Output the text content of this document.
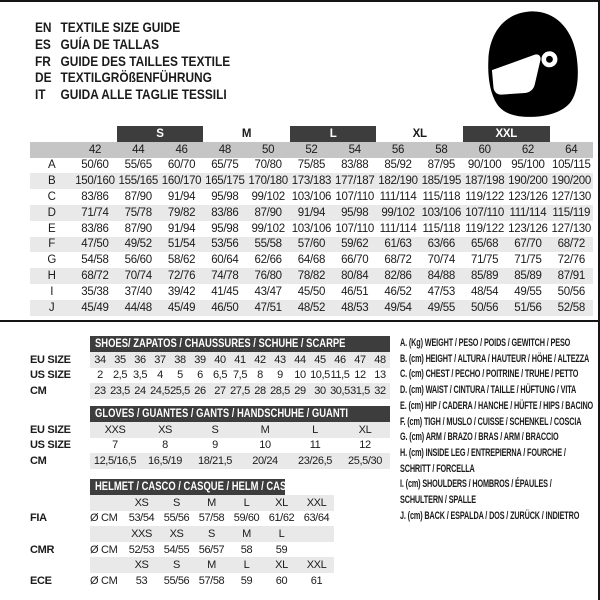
EN TEXTILE SIZE GUIDE
ES GUÍA DE TALLAS
FR GUIDE DES TAILLES TEXTILE
DE TEXTILGRÖßENFÜHRUNG
IT	GUIDA ALLE TAGLIE TESSILI
		S		M		L		XL		XXL		
	42	44	46	48	50	52	54	56	58	60	62	64
A	50/60	55/65	60/70	65/75	70/80	75/85	83/88	85/92	87/95	90/100	95/100	105/115
B	150/160	155/165	160/170	165/175	170/180	173/183	177/187	182/190	185/195	187/198	190/200	190/200
C	83/86	87/90	91/94	95/98	99/102	103/106	107/110	111/114	115/118	119/122	123/126	127/130
D	71/74	75/78	79/82	83/86	87/90	91/94	95/98	99/102	103/106	107/110	111/114	115/119
E	83/86	87/90	91/94	95/98	99/102	103/106	107/110	111/114	115/118	119/122	123/126	127/130
F	47/50	49/52	51/54	53/56	55/58	57/60	59/62	61/63	63/66	65/68	67/70	68/72
G	54/58	56/60	58/62	60/64	62/66	64/68	66/70	68/72	70/74	71/75	71/75	72/76
H	68/72	70/74	72/76	74/78	76/80	78/82	80/84	82/86	84/88	85/89	85/89	87/91
I	35/38	37/40	39/42	41/45	43/47	45/50	46/51	46/52	47/53	48/54	49/55	50/56
J	45/49	44/48	45/49	46/50	47/51	48/52	48/53	49/54	49/55	50/56	51/56	52/58
SHOES/ ZAPATOS / CHAUSSURES / SCHUHE / SCARPE
EU SIZE	34 35 36 37 38 39 40 41 42 43 44 45 46 47 48
US SIZE	2 2,5 3,5 4	5	6 6,5 7,5 8	9	10 10,5 11,5 12 13
CM	23 23,5 24 24,5 25,5 26 27 27,5 28 28,5 29 30 30,5 31,5 32
GLOVES / GUANTES / GANTS / HANDSCHUHE / GUANTI
EU SIZE	XXS	XS	S	M	L	XL
US SIZE	7	8	9	10	11	12
CM	12,5/16,5	16,5/19	18/21,5	20/24	23/26,5	25,5/30
HELMET / CASCO / CASQUE / HELM / CASCO
XS	S	M	L	XL	XXL
FIA	Ø CM	53/54 55/56 57/58 59/60 61/62 63/64
XXS	XS	S	M	L
CMR	Ø CM	52/53 54/55 56/57	58	59
XS	S	M	L	XL	XXL
ECE	Ø CM	53	55/56 57/58	59	60	61
A. (Kg) WEIGHT / PESO / POIDS / GEWITCH / PESO
B. (cm) HEIGHT / ALTURA / HAUTEUR / HÖHE / ALTEZZA
C. (cm) CHEST / PECHO / POITRINE / TRUHE / PETTO
D. (cm) WAIST / CINTURA / TAILLE / HÜFTUNG / VITA
E. (cm) HIP / CADERA / HANCHE / HÜFTE / HIPS / BACINO
F. (cm) TIGH / MUSLO / CUISSE / SCHENKEL / COSCIA
G. (cm) ARM / BRAZO / BRAS / ARM / BRACCIO
H. (cm) INSIDE LEG / ENTREPIERNA / FOURCHE /
SCHRITT / FORCELLA
I. (cm) SHOULDERS / HOMBROS / ÉPAULES /
SCHULTERN / SPALLE
J. (cm) BACK / ESPALDA / DOS / ZURÜCK / INDIETRO
